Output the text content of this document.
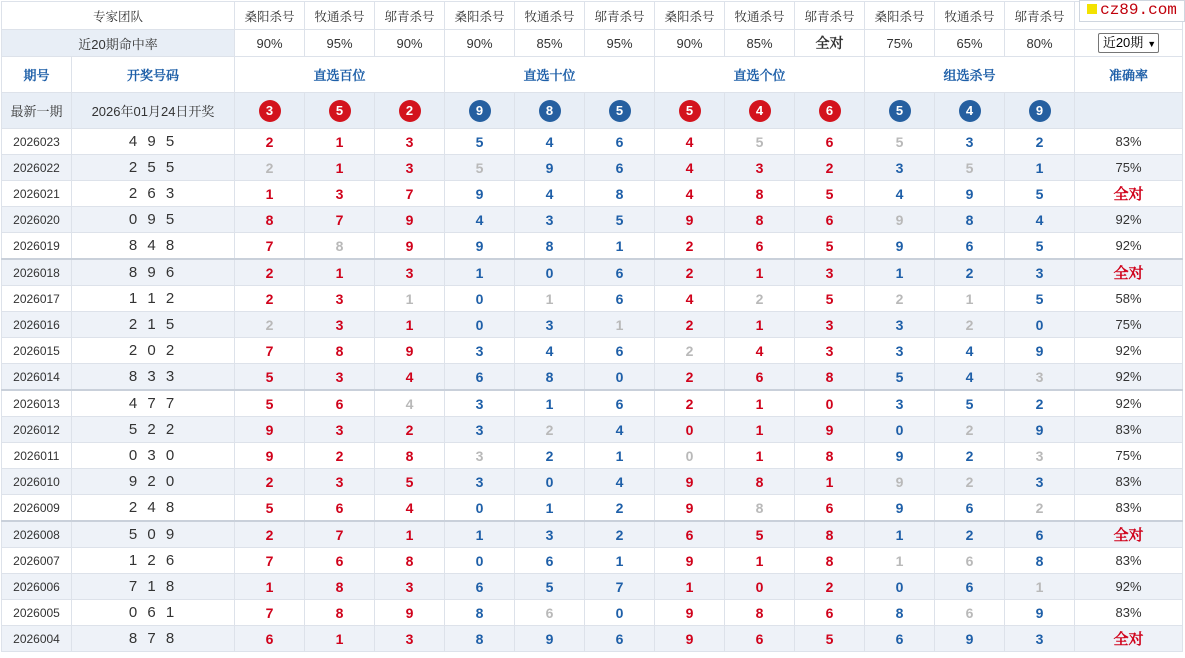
专家团队		桑阳杀号	牧通杀号	邬青杀号	桑阳杀号	牧通杀号	邬青杀号	桑阳杀号	牧通杀号	邬青杀号	桑阳杀号	牧通杀号	邬青杀号	
近20期命中率		90%	95%	90%	90%	85%	95%	90%	85%	全对	75%	65%	80%	近20期 ▼
期号	开奖号码	直选百位			直选十位			直选个位			组选杀号			准确率
最新一期	2026年01月24日开奖	3	5	2	9	8	5	5	4	6	5	4	9	
2026023	4 9 5	2	1	3	5	4	6	4	5	6	5	3	2	83%
2026022	2 5 5	2	1	3	5	9	6	4	3	2	3	5	1	75%
2026021	2 6 3	1	3	7	9	4	8	4	8	5	4	9	5	全对
2026020	0 9 5	8	7	9	4	3	5	9	8	6	9	8	4	92%
2026019	8 4 8	7	8	9	9	8	1	2	6	5	9	6	5	92%
2026018	8 9 6	2	1	3	1	0	6	2	1	3	1	2	3	全对
2026017	1 1 2	2	3	1	0	1	6	4	2	5	2	1	5	58%
2026016	2 1 5	2	3	1	0	3	1	2	1	3	3	2	0	75%
2026015	2 0 2	7	8	9	3	4	6	2	4	3	3	4	9	92%
2026014	8 3 3	5	3	4	6	8	0	2	6	8	5	4	3	92%
2026013	4 7 7	5	6	4	3	1	6	2	1	0	3	5	2	92%
2026012	5 2 2	9	3	2	3	2	4	0	1	9	0	2	9	83%
2026011	0 3 0	9	2	8	3	2	1	0	1	8	9	2	3	75%
2026010	9 2 0	2	3	5	3	0	4	9	8	1	9	2	3	83%
2026009	2 4 8	5	6	4	0	1	2	9	8	6	9	6	2	83%
2026008	5 0 9	2	7	1	1	3	2	6	5	8	1	2	6	全对
2026007	1 2 6	7	6	8	0	6	1	9	1	8	1	6	8	83%
2026006	7 1 8	1	8	3	6	5	7	1	0	2	0	6	1	92%
2026005	0 6 1	7	8	9	8	6	0	9	8	6	8	6	9	83%
2026004	8 7 8	6	1	3	8	9	6	9	6	5	6	9	3	全对
cz89.com
